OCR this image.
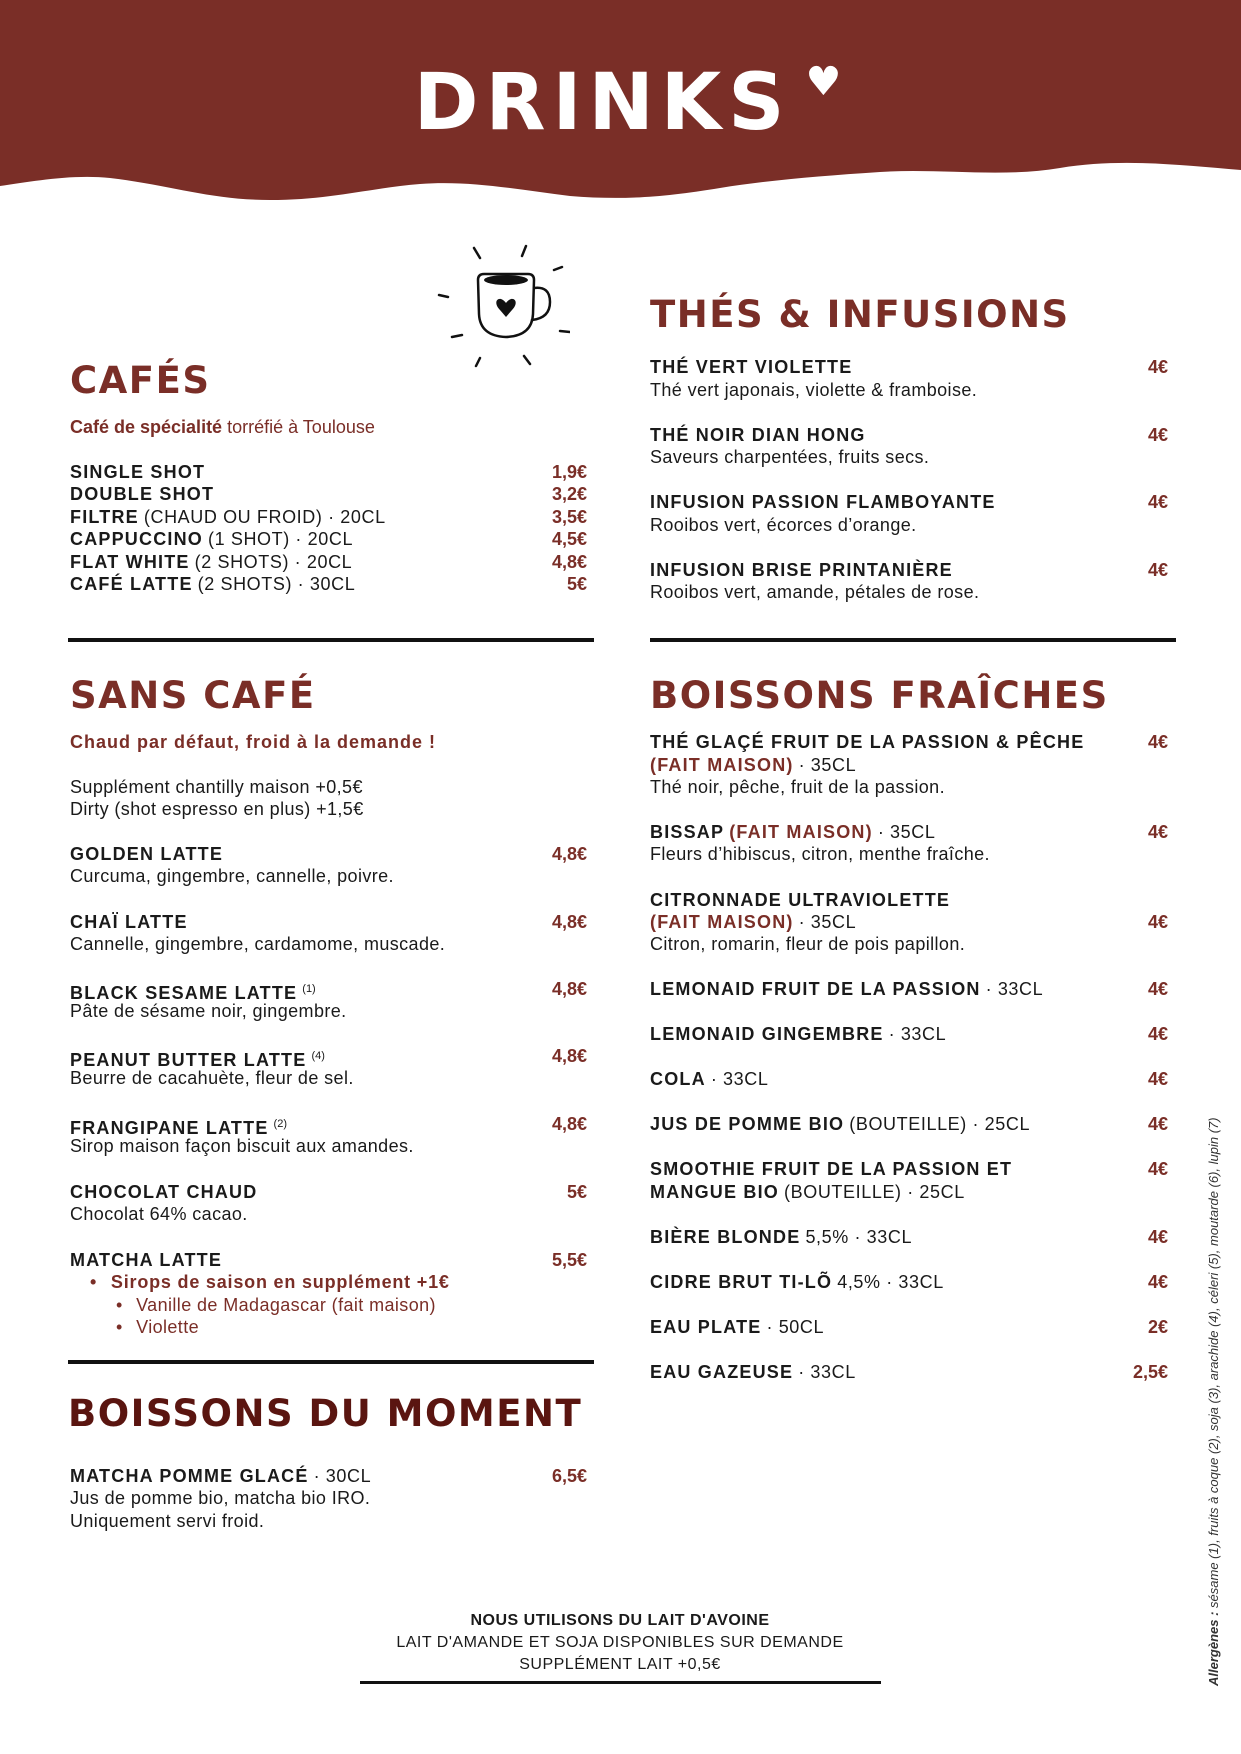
DRINKS ♥
CAFÉS
Café de spécialité torréfié à Toulouse
SINGLE SHOT	1,9€
DOUBLE SHOT	3,2€
FILTRE (CHAUD OU FROID) · 20CL	3,5€
CAPPUCCINO (1 SHOT) · 20CL	4,5€
FLAT WHITE (2 SHOTS) · 20CL	4,8€
CAFÉ LATTE (2 SHOTS) · 30CL	5€
SANS CAFÉ
Chaud par défaut, froid à la demande !
Supplément chantilly maison +0,5€
Dirty (shot espresso en plus) +1,5€
GOLDEN LATTE	4,8€
Curcuma, gingembre, cannelle, poivre.
CHAÏ LATTE	4,8€
Cannelle, gingembre, cardamome, muscade.
BLACK SESAME LATTE $^{(1)}$	4,8€
Pâte de sésame noir, gingembre.
PEANUT BUTTER LATTE $^{(4)}$	4,8€
Beurre de cacahuète, fleur de sel.
FRANGIPANE LATTE $^{(2)}$	4,8€
Sirop maison façon biscuit aux amandes.
CHOCOLAT CHAUD	5€
Chocolat 64% cacao.
MATCHA LATTE	5,5€
• Sirops de saison en supplément +1€
• Vanille de Madagascar (fait maison)
• Violette
BOISSONS DU MOMENT
MATCHA POMME GLACÉ · 30CL	6,5€
Jus de pomme bio, matcha bio IRO.
Uniquement servi froid.
THÉS & INFUSIONS
THÉ VERT VIOLETTE	4€
Thé vert japonais, violette & framboise.
THÉ NOIR DIAN HONG	4€
Saveurs charpentées, fruits secs.
INFUSION PASSION FLAMBOYANTE	4€
Rooibos vert, écorces d’orange.
INFUSION BRISE PRINTANIÈRE	4€
Rooibos vert, amande, pétales de rose.
BOISSONS FRAÎCHES
THÉ GLAÇÉ FRUIT DE LA PASSION & PÊCHE	4€
(FAIT MAISON) · 35CL
Thé noir, pêche, fruit de la passion.
BISSAP (FAIT MAISON) · 35CL	4€
Fleurs d’hibiscus, citron, menthe fraîche.
CITRONNADE ULTRAVIOLETTE
(FAIT MAISON) · 35CL	4€
Citron, romarin, fleur de pois papillon.
LEMONAID FRUIT DE LA PASSION · 33CL	4€
LEMONAID GINGEMBRE · 33CL	4€
COLA · 33CL	4€
JUS DE POMME BIO (BOUTEILLE) · 25CL	4€
SMOOTHIE FRUIT DE LA PASSION ET	4€
MANGUE BIO (BOUTEILLE) · 25CL
BIÈRE BLONDE 5,5% · 33CL	4€
CIDRE BRUT TI-LÕ 4,5% · 33CL	4€
EAU PLATE · 50CL	2€
EAU GAZEUSE · 33CL	2,5€
NOUS UTILISONS DU LAIT D'AVOINE
LAIT D'AMANDE ET SOJA DISPONIBLES SUR DEMANDE
SUPPLÉMENT LAIT +0,5€	Allergènes : sésame (1), fruits à coque (2), soja (3), arachide (4), céleri (5), moutarde (6), lupin (7)
